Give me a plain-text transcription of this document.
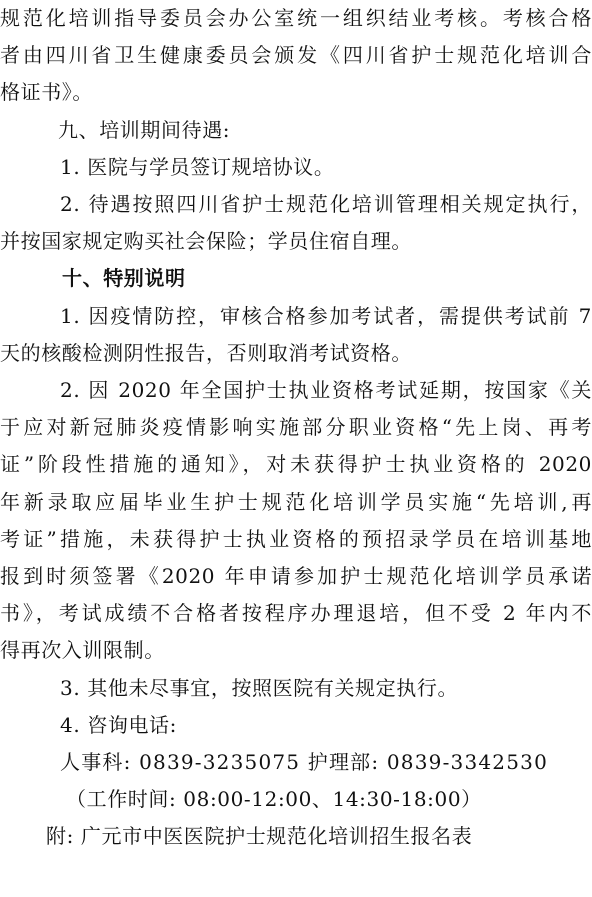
规范化培训指导委员会办公室统一组织结业考核。考核合格
者由四川省卫生健康委员会颁发《四川省护士规范化培训合
格证书》。
九、培训期间待遇:
1. 医院与学员签订规培协议。
2. 待遇按照四川省护士规范化培训管理相关规定执行，
并按国家规定购买社会保险；学员住宿自理。
十、特别说明
1. 因疫情防控，审核合格参加考试者，需提供考试前 7
天的核酸检测阴性报告，否则取消考试资格。
2. 因 2020 年全国护士执业资格考试延期，按国家《关
于应对新冠肺炎疫情影响实施部分职业资格“先上岗、再考
证”阶段性措施的通知》，对未获得护士执业资格的 2020
年新录取应届毕业生护士规范化培训学员实施“先培训,再
考证”措施，未获得护士执业资格的预招录学员在培训基地
报到时须签署《2020 年申请参加护士规范化培训学员承诺
书》，考试成绩不合格者按程序办理退培，但不受 2 年内不
得再次入训限制。
3. 其他未尽事宜，按照医院有关规定执行。
4. 咨询电话:
人事科: 0839-3235075 护理部: 0839-3342530
（工作时间: 08:00-12:00、14:30-18:00）
附: 广元市中医医院护士规范化培训招生报名表
